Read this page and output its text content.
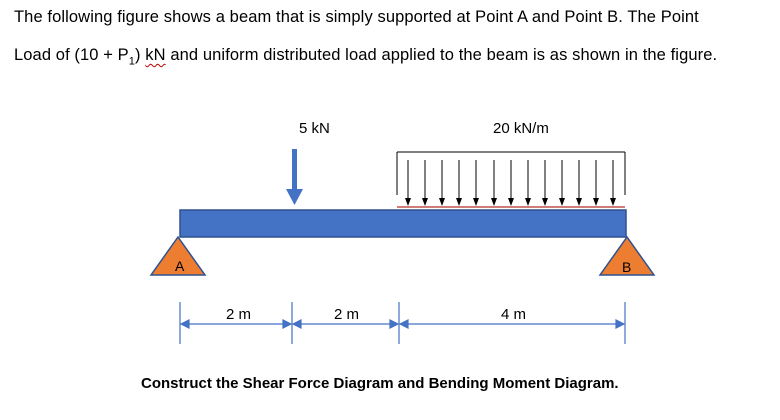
The following figure shows a beam that is simply supported at Point A and Point B. The Point
Load of $(10 + P_1)$ kN and uniform distributed load applied to the beam is as shown in the figure.
5 kN	20 kN/m
A	B
2 m	2 m	4 m
Construct the Shear Force Diagram and Bending Moment Diagram.
